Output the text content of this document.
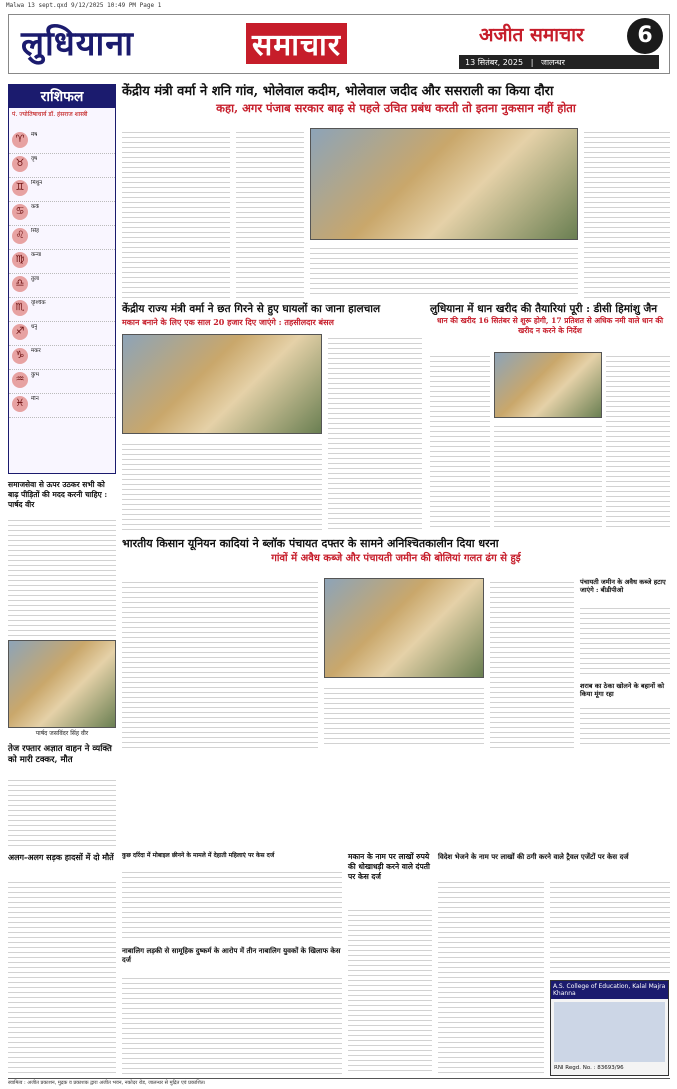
Malwa 13 sept.qxd 9/12/2025 10:49 PM Page 1
लुधियाना	समाचार	अजीत समाचार	6
13 सितंबर, 2025   |   जालन्धर
राशिफल
पं. ज्योतिषाचार्य डॉ. हंसराज शास्त्री
♈	मेष
♉	वृष
♊	मिथुन
♋	कर्क
♌	सिंह
♍	कन्या
♎	तुला
♏	वृश्चिक
♐	धनु
♑	मकर
♒	कुंभ
♓	मीन
केंद्रीय मंत्री वर्मा ने शनि गांव, भोलेवाल कदीम, भोलेवाल जदीद और ससराली का किया दौरा
कहा, अगर पंजाब सरकार बाढ़ से पहले उचित प्रबंध करती तो इतना नुकसान नहीं होता
केंद्रीय राज्य मंत्री वर्मा ने छत गिरने से हुए घायलों का जाना हालचाल
मकान बनाने के लिए एक साल 20 हजार दिए जाएंगे : तहसीलदार बंसल
लुधियाना में धान खरीद की तैयारियां पूरी : डीसी हिमांशु जैन
धान की खरीद 16 सितंबर से शुरू होगी, 17 प्रतिशत से अधिक नमी वाले धान की खरीद न करने के निर्देश
समाजसेवा से ऊपर उठकर सभी को बाढ़ पीड़ितों की मदद करनी चाहिए : पार्षद वीर
पार्षद जसविंदर सिंह वीर
भारतीय किसान यूनियन कादियां ने ब्लॉक पंचायत दफ्तर के सामने अनिश्चितकालीन दिया धरना
गांवों में अवैध कब्जे और पंचायती जमीन की बोलियां गलत ढंग से हुई
पंचायती जमीन के अवैध कब्जे हटाए जाएंगे : बीडीपीओ
शराब का ठेका खोलने के बहानों को किया मूंगा रहा
तेज रफ्तार अज्ञात वाहन ने व्यक्ति को मारी टक्कर, मौत
अलग-अलग सड़क हादसों में दो मौतें	कुछ दरिंदा में मोबाइल छीनने के मामले में देहाती महिलाएं पर केस दर्ज
नाबालिग लड़की से सामूहिक दुष्कर्म के आरोप में तीन नाबालिग युवकों के खिलाफ केस दर्ज
मकान के नाम पर लाखों रुपये की धोखाधड़ी करने वाले दंपती पर केस दर्ज
विदेश भेजने के नाम पर लाखों की ठगी करने वाले ट्रैवल एजेंटों पर केस दर्ज
A.S. College of Education, Kalal Majra Khanna
RNI Regd. No. : 83693/96
स्वामित्व : अजीत प्रकाशन, मुद्रक व प्रकाशक द्वारा अजीत भवन, नकोदर रोड, जालन्धर से मुद्रित एवं प्रकाशित।
